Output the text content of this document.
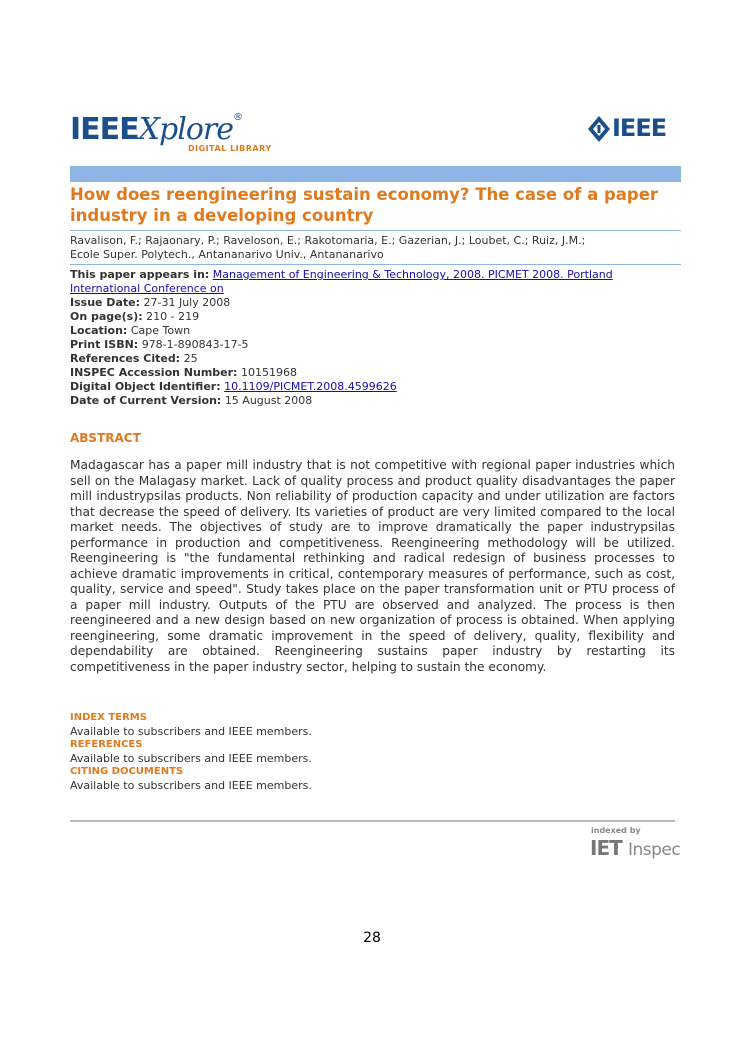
IEEEXplore®
DIGITAL LIBRARY
IEEE
How does reengineering sustain economy? The case of a paper industry in a developing country
Ravalison, F.; Rajaonary, P.; Raveloson, E.; Rakotomaria, E.; Gazerian, J.; Loubet, C.; Ruiz, J.M.;
Ecole Super. Polytech., Antananarivo Univ., Antananarivo
This paper appears in: Management of Engineering & Technology, 2008. PICMET 2008. Portland International Conference on
Issue Date: 27-31 July 2008
On page(s): 210 - 219
Location: Cape Town
Print ISBN: 978-1-890843-17-5
References Cited: 25
INSPEC Accession Number: 10151968
Digital Object Identifier: 10.1109/PICMET.2008.4599626
Date of Current Version: 15 August 2008
ABSTRACT
Madagascar has a paper mill industry that is not competitive with regional paper industries which sell on the Malagasy market. Lack of quality process and product quality disadvantages the paper mill industrypsilas products. Non reliability of production capacity and under utilization are factors that decrease the speed of delivery. Its varieties of product are very limited compared to the local market needs. The objectives of study are to improve dramatically the paper industrypsilas performance in production and competitiveness. Reengineering methodology will be utilized. Reengineering is "the fundamental rethinking and radical redesign of business processes to achieve dramatic improvements in critical, contemporary measures of performance, such as cost, quality, service and speed". Study takes place on the paper transformation unit or PTU process of a paper mill industry. Outputs of the PTU are observed and analyzed. The process is then reengineered and a new design based on new organization of process is obtained. When applying reengineering, some dramatic improvement in the speed of delivery, quality, flexibility and dependability are obtained. Reengineering sustains paper industry by restarting its competitiveness in the paper industry sector, helping to sustain the economy.
INDEX TERMS
Available to subscribers and IEEE members.
REFERENCES
Available to subscribers and IEEE members.
CITING DOCUMENTS
Available to subscribers and IEEE members.
indexed by
IET Inspec
28
